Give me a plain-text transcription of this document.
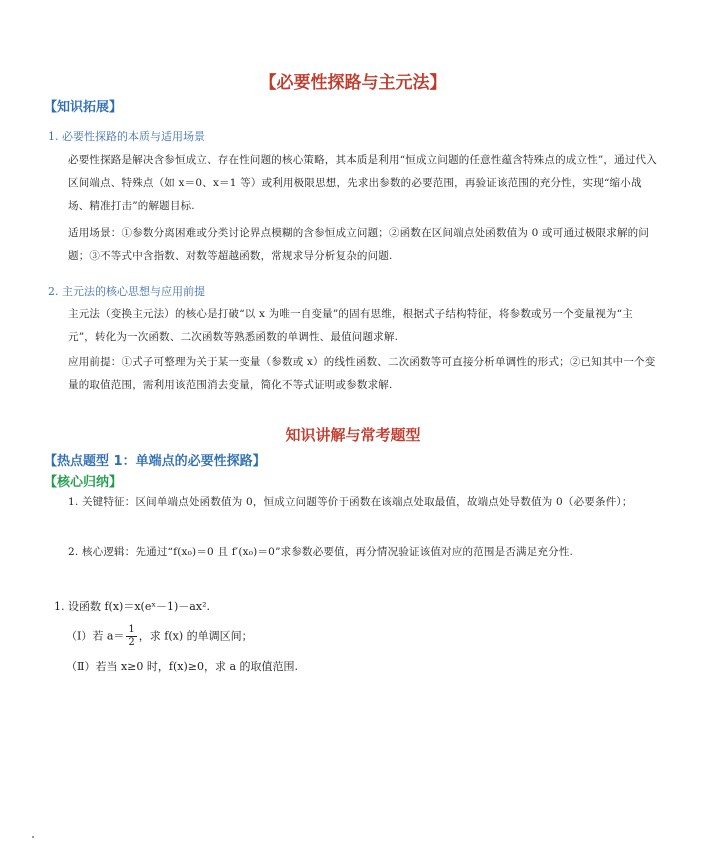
【必要性探路与主元法】

【知识拓展】

1. 必要性探路的本质与适用场景

必要性探路是解决含参恒成立、存在性问题的核心策略，其本质是利用“恒成立问题的任意性蕴含特殊点的成立性”，通过代入区间端点、特殊点（如 x＝0、x＝1 等）或利用极限思想，先求出参数的必要范围，再验证该范围的充分性，实现“缩小战场、精准打击”的解题目标.

适用场景：①参数分离困难或分类讨论界点模糊的含参恒成立问题；②函数在区间端点处函数值为 0 或可通过极限求解的问题；③不等式中含指数、对数等超越函数，常规求导分析复杂的问题.

2. 主元法的核心思想与应用前提

主元法（变换主元法）的核心是打破“以 x 为唯一自变量”的固有思维，根据式子结构特征，将参数或另一个变量视为“主元”，转化为一次函数、二次函数等熟悉函数的单调性、最值问题求解.

应用前提：①式子可整理为关于某一变量（参数或 x）的线性函数、二次函数等可直接分析单调性的形式；②已知其中一个变量的取值范围，需利用该范围消去变量，简化不等式证明或参数求解.

知识讲解与常考题型

【热点题型 1：单端点的必要性探路】

【核心归纳】

1. 关键特征：区间单端点处函数值为 0，恒成立问题等价于函数在该端点处取最值，故端点处导数值为 0（必要条件）；

2. 核心逻辑：先通过“f(x₀)＝0 且 f′(x₀)＝0”求参数必要值，再分情况验证该值对应的范围是否满足充分性.

1. 设函数 f(x)＝x(eˣ－1)－ax².

（Ⅰ）若 $a= \frac{1}{2}$ ，求 f(x) 的单调区间；

（Ⅱ）若当 x≥0 时，f(x)≥0，求 a 的取值范围.
